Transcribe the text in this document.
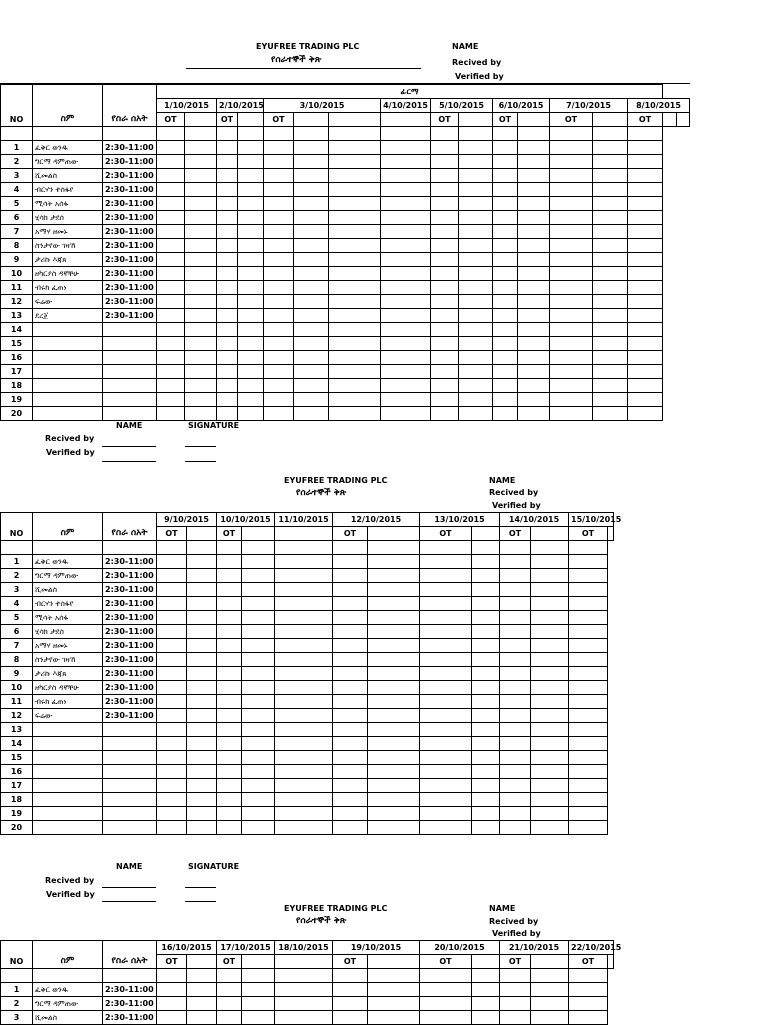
EYUFREE TRADING PLC
የሰራተኞች ቅጽ
NAME
Recived by
Verified by
			ፊርማ																
	ስም	የስራ ሰአት	1/10/2015		2/10/2015		3/10/2015			4/10/2015	5/10/2015		6/10/2015		7/10/2015		8/10/2015		
NO			OT		OT		OT				OT		OT		OT		OT		

1	ፈቅር ወንዱ	2:30-11:00																	
2	ግርማ ዳምጠው	2:30-11:00																	
3	ሺመልስ	2:30-11:00																	
4	ብርሃን ተሰፋየ	2:30-11:00																	
5	ሚሳት አሰፋ	2:30-11:00																	
6	ሂሳክ ታደሰ	2:30-11:00																	
7	አማሃ ዘመኑ	2:30-11:00																	
8	ስንታየው ገዛኸ	2:30-11:00																	
9	ታሪኩ እጃጸ	2:30-11:00																	
10	ዘካርያስ ዳኛቸሁ	2:30-11:00																	
11	ብሩክ ፈጠነ	2:30-11:00																	
12	ፍሬው	2:30-11:00																	
13	ደረጀ	2:30-11:00																	
14																			
15																			
16																			
17																			
18																			
19																			
20																			
NAME	SIGNATURE
Recived by
Verified by
EYUFREE TRADING PLC
የሰራተኞች ቅጽ
NAME
Recived by
Verified by
	ስም	የስራ ሰአት	9/10/2015		10/10/2015		11/10/2015	12/10/2015		13/10/2015		14/10/2015		15/10/2015	
NO			OT		OT			OT		OT		OT		OT	

1	ፈቅር ወንዱ	2:30-11:00													
2	ግርማ ዳምጠው	2:30-11:00													
3	ሺመልስ	2:30-11:00													
4	ብርሃን ተሰፋየ	2:30-11:00													
5	ሚሳት አሰፋ	2:30-11:00													
6	ሂሳክ ታደሰ	2:30-11:00													
7	አማሃ ዘመኑ	2:30-11:00													
8	ስንታየው ገዛኸ	2:30-11:00													
9	ታሪኩ እጃጸ	2:30-11:00													
10	ዘካርያስ ዳኛቸሁ	2:30-11:00													
11	ብሩክ ፈጠነ	2:30-11:00													
12	ፍሬው	2:30-11:00													
13															
14															
15															
16															
17															
18															
19															
20															
NAME	SIGNATURE
Recived by
Verified by
EYUFREE TRADING PLC
የሰራተኞች ቅጽ
NAME
Recived by
Verified by
	ስም	የስራ ሰአት	16/10/2015		17/10/2015		18/10/2015	19/10/2015		20/10/2015		21/10/2015		22/10/2015	
NO			OT		OT			OT		OT		OT		OT	

1	ፈቅር ወንዱ	2:30-11:00													
2	ግርማ ዳምጠው	2:30-11:00													
3	ሺመልስ	2:30-11:00													
